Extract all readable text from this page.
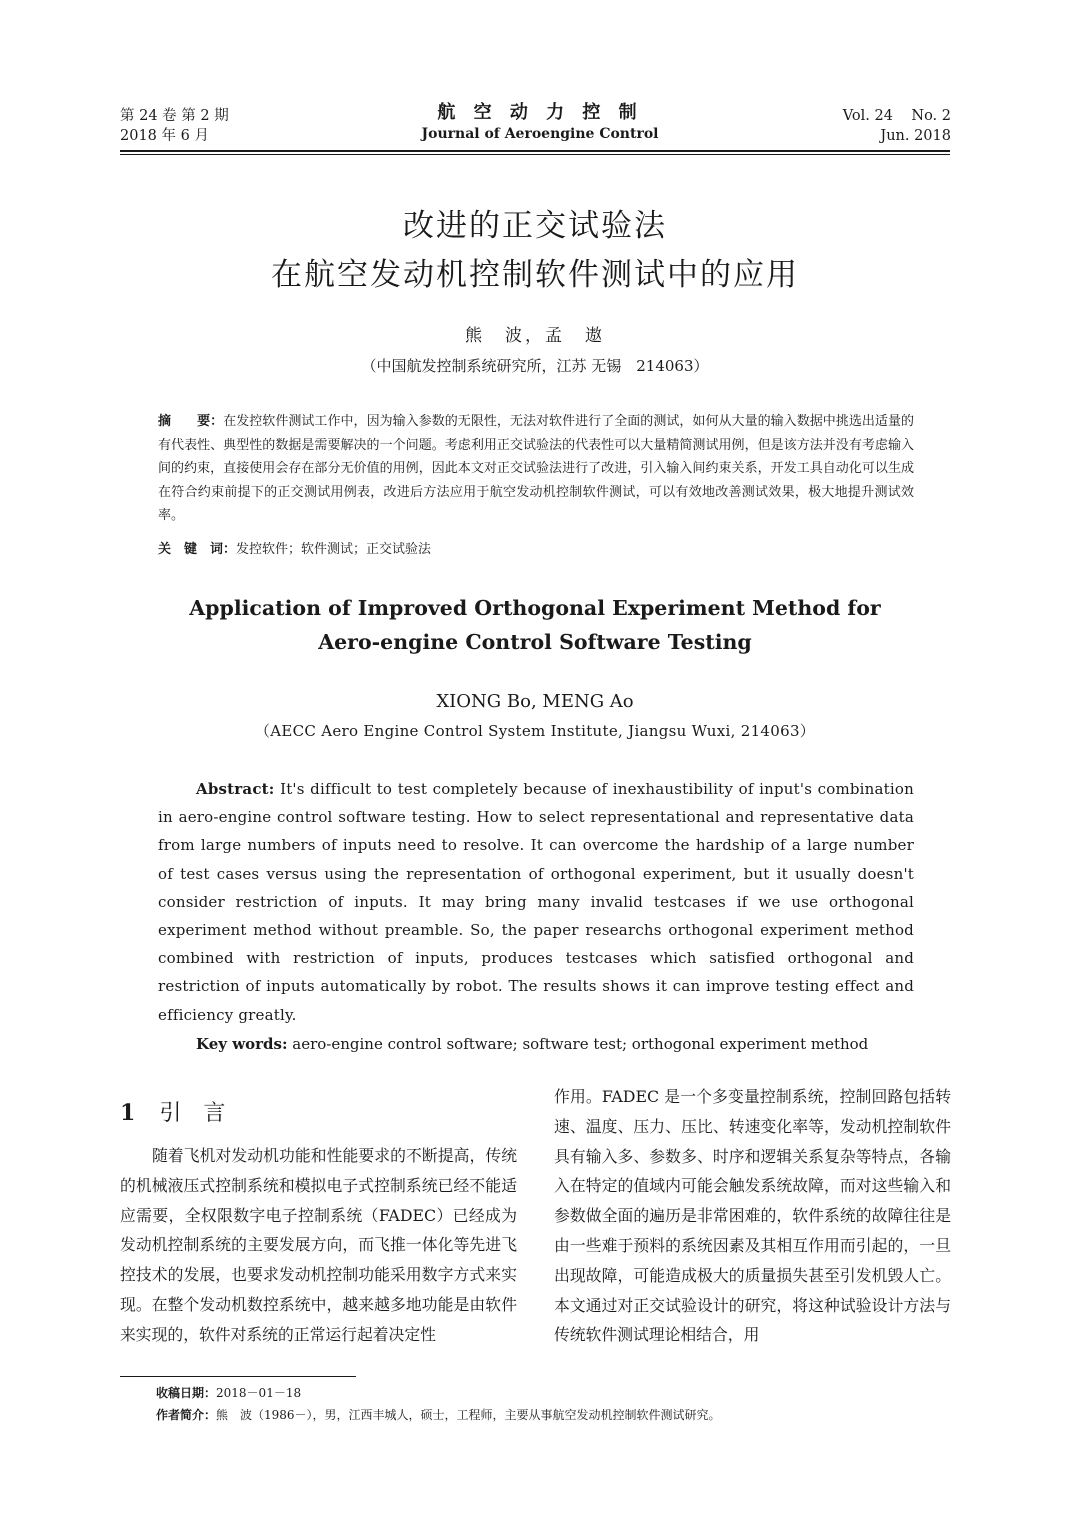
第 24 卷 第 2 期
2018 年 6 月
航 空 动 力 控 制
Journal of Aeroengine Control
Vol. 24    No. 2
Jun. 2018
改进的正交试验法
在航空发动机控制软件测试中的应用
熊　波，孟　遨
（中国航发控制系统研究所，江苏 无锡　214063）
摘　　要：在发控软件测试工作中，因为输入参数的无限性，无法对软件进行了全面的测试，如何从大量的输入数据中挑选出适量的有代表性、典型性的数据是需要解决的一个问题。考虑利用正交试验法的代表性可以大量精简测试用例，但是该方法并没有考虑输入间的约束，直接使用会存在部分无价值的用例，因此本文对正交试验法进行了改进，引入输入间约束关系，开发工具自动化可以生成在符合约束前提下的正交测试用例表，改进后方法应用于航空发动机控制软件测试，可以有效地改善测试效果，极大地提升测试效率。
关　键　词：发控软件；软件测试；正交试验法
Application of Improved Orthogonal Experiment Method for
Aero-engine Control Software Testing
XIONG Bo, MENG Ao
（AECC Aero Engine Control System Institute, Jiangsu Wuxi, 214063）
Abstract: It's difficult to test completely because of inexhaustibility of input's combination in aero-engine control software testing. How to select representational and representative data from large numbers of inputs need to resolve. It can overcome the hardship of a large number of test cases versus using the representation of orthogonal experiment, but it usually doesn't consider restriction of inputs. It may bring many invalid testcases if we use orthogonal experiment method without preamble. So, the paper researchs orthogonal experiment method combined with restriction of inputs, produces testcases which satisfied orthogonal and restriction of inputs automatically by robot. The results shows it can improve testing effect and efficiency greatly.
Key words: aero-engine control software; software test; orthogonal experiment method
1 引言
随着飞机对发动机功能和性能要求的不断提高，传统的机械液压式控制系统和模拟电子式控制系统已经不能适应需要，全权限数字电子控制系统（FADEC）已经成为发动机控制系统的主要发展方向，而飞推一体化等先进飞控技术的发展，也要求发动机控制功能采用数字方式来实现。在整个发动机数控系统中，越来越多地功能是由软件来实现的，软件对系统的正常运行起着决定性
作用。FADEC 是一个多变量控制系统，控制回路包括转速、温度、压力、压比、转速变化率等，发动机控制软件具有输入多、参数多、时序和逻辑关系复杂等特点，各输入在特定的值域内可能会触发系统故障，而对这些输入和参数做全面的遍历是非常困难的，软件系统的故障往往是由一些难于预料的系统因素及其相互作用而引起的，一旦出现故障，可能造成极大的质量损失甚至引发机毁人亡。本文通过对正交试验设计的研究，将这种试验设计方法与传统软件测试理论相结合，用
收稿日期：2018－01－18
作者简介：熊　波（1986－），男，江西丰城人，硕士，工程师，主要从事航空发动机控制软件测试研究。
